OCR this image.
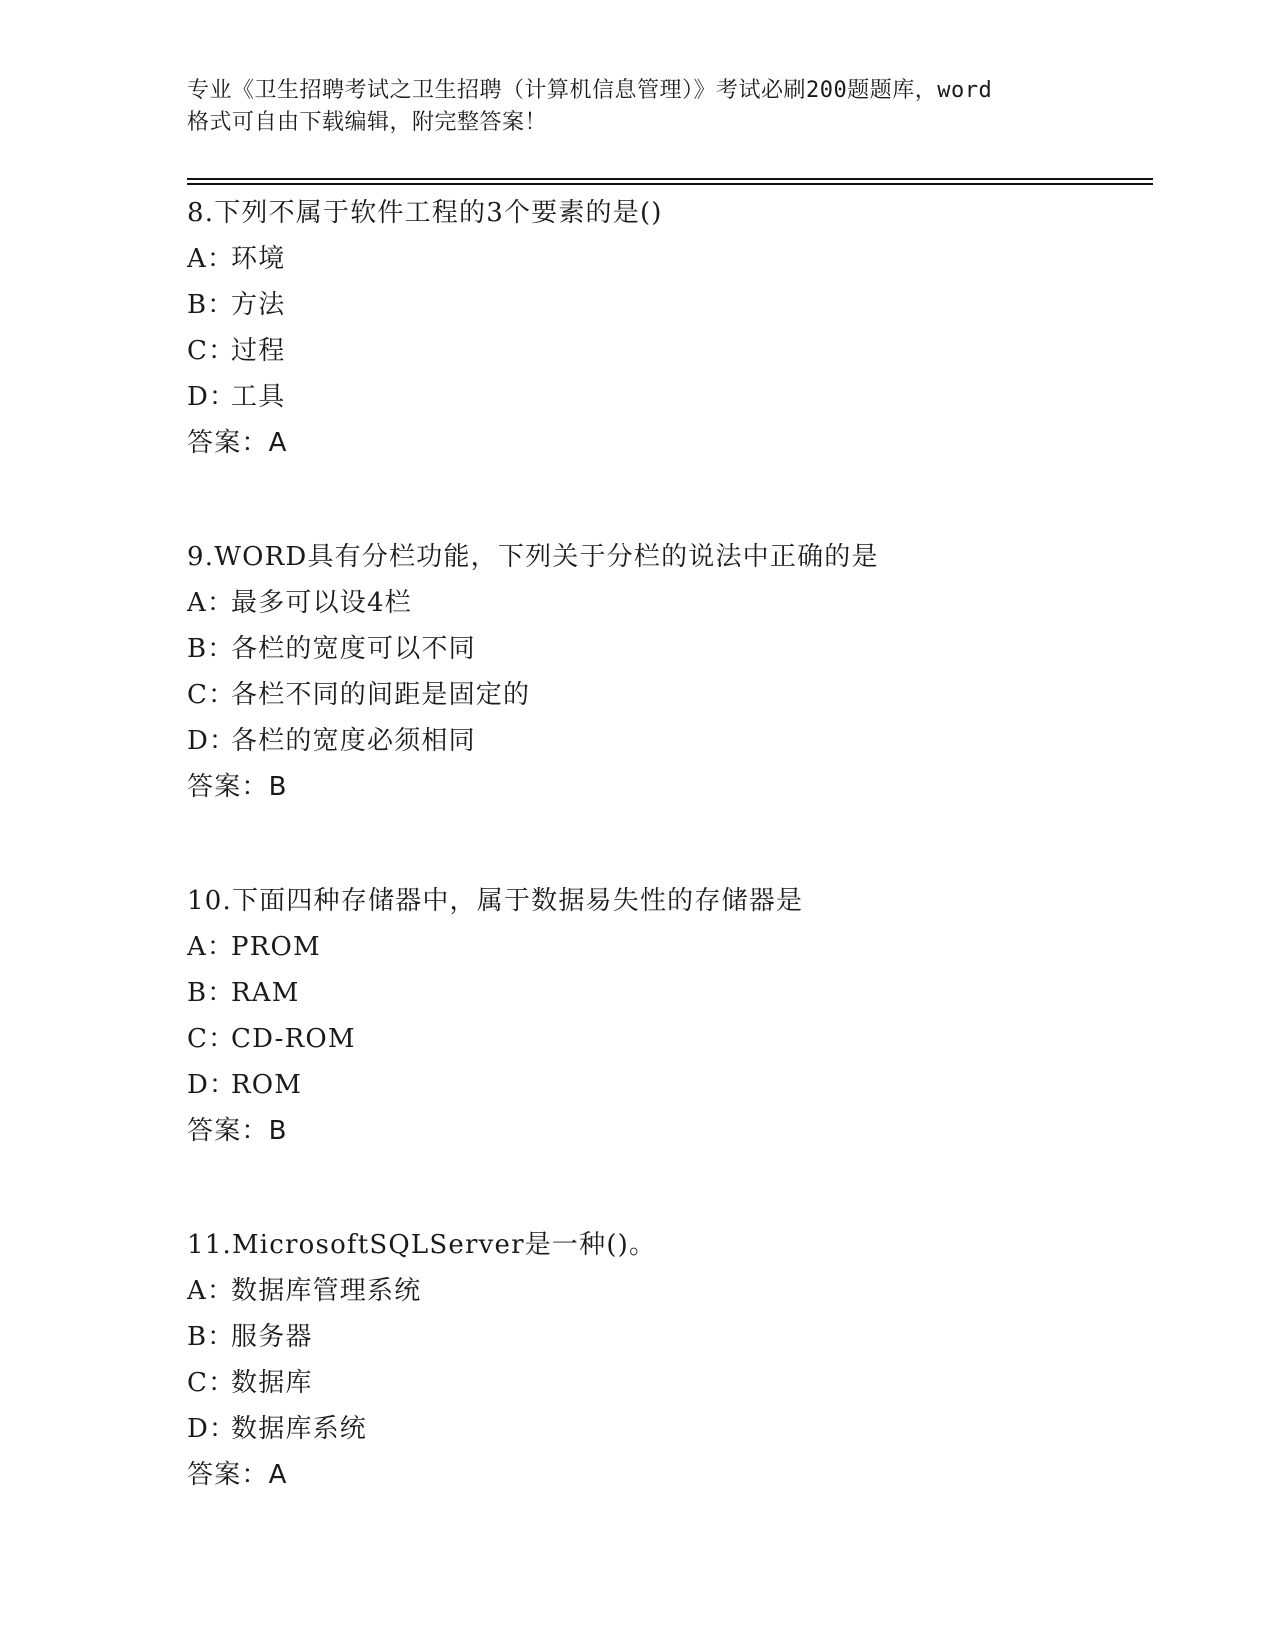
专业《卫生招聘考试之卫生招聘（计算机信息管理）》考试必刷200题题库，word
格式可自由下载编辑，附完整答案！
8.下列不属于软件工程的3个要素的是()
A：环境
B：方法
C：过程
D：工具
答案：A
9.WORD具有分栏功能，下列关于分栏的说法中正确的是
A：最多可以设4栏
B：各栏的宽度可以不同
C：各栏不同的间距是固定的
D：各栏的宽度必须相同
答案：B
10.下面四种存储器中，属于数据易失性的存储器是
A：PROM
B：RAM
C：CD-ROM
D：ROM
答案：B
11.MicrosoftSQLServer是一种()。
A：数据库管理系统
B：服务器
C：数据库
D：数据库系统
答案：A
